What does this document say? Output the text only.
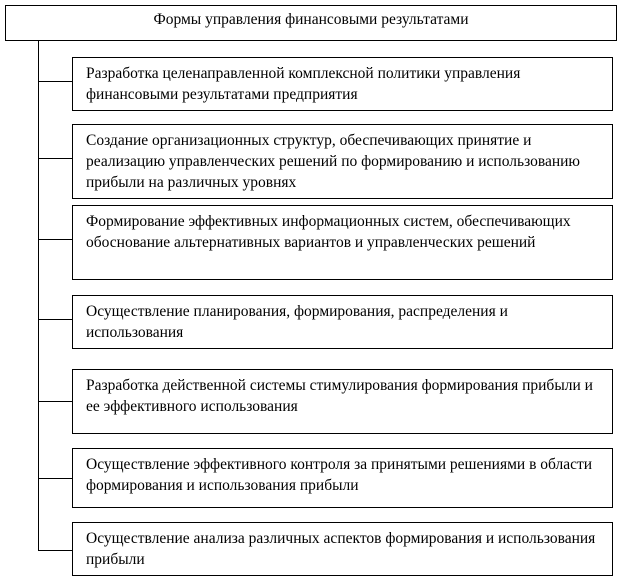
Формы управления финансовыми результатами
Разработка целенаправленной комплексной политики управления финансовыми результатами предприятия
Создание организационных структур, обеспечивающих принятие и реализацию управленческих решений по формированию и использованию прибыли на различных уровнях
Формирование эффективных информационных систем, обеспечивающих обоснование альтернативных вариантов и управленческих решений
Осуществление планирования, формирования, распределения и использования
Разработка действенной системы стимулирования формирования прибыли и ее эффективного использования
Осуществление эффективного контроля за принятыми решениями в области формирования и использования прибыли
Осуществление анализа различных аспектов формирования и использования прибыли
